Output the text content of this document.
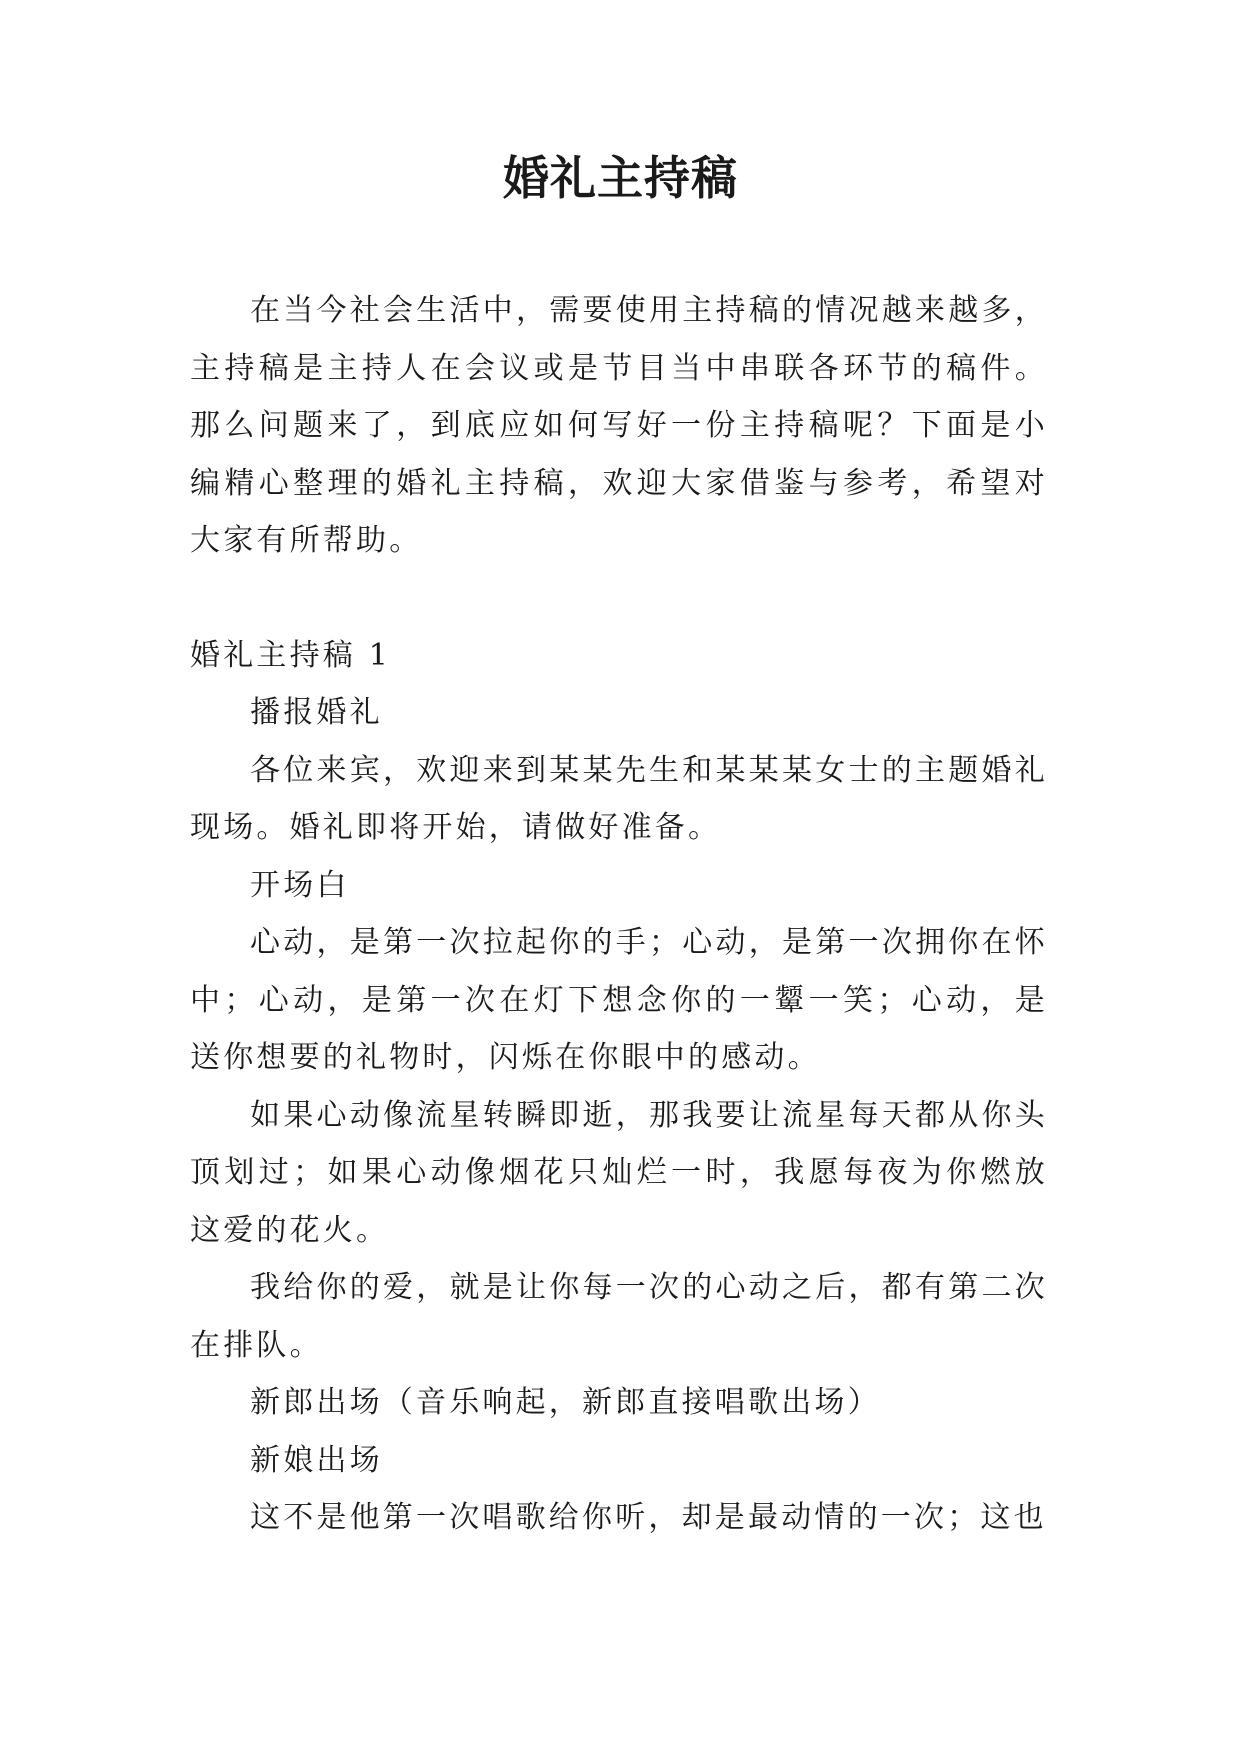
婚礼主持稿

在当今社会生活中，需要使用主持稿的情况越来越多，主持稿是主持人在会议或是节目当中串联各环节的稿件。那么问题来了，到底应如何写好一份主持稿呢？下面是小编精心整理的婚礼主持稿，欢迎大家借鉴与参考，希望对大家有所帮助。

婚礼主持稿 1

播报婚礼

各位来宾，欢迎来到某某先生和某某某女士的主题婚礼现场。婚礼即将开始，请做好准备。

开场白

心动，是第一次拉起你的手；心动，是第一次拥你在怀中；心动，是第一次在灯下想念你的一颦一笑；心动，是送你想要的礼物时，闪烁在你眼中的感动。

如果心动像流星转瞬即逝，那我要让流星每天都从你头顶划过；如果心动像烟花只灿烂一时，我愿每夜为你燃放这爱的花火。

我给你的爱，就是让你每一次的心动之后，都有第二次在排队。

新郎出场（音乐响起，新郎直接唱歌出场）

新娘出场

这不是他第一次唱歌给你听，却是最动情的一次；这也
